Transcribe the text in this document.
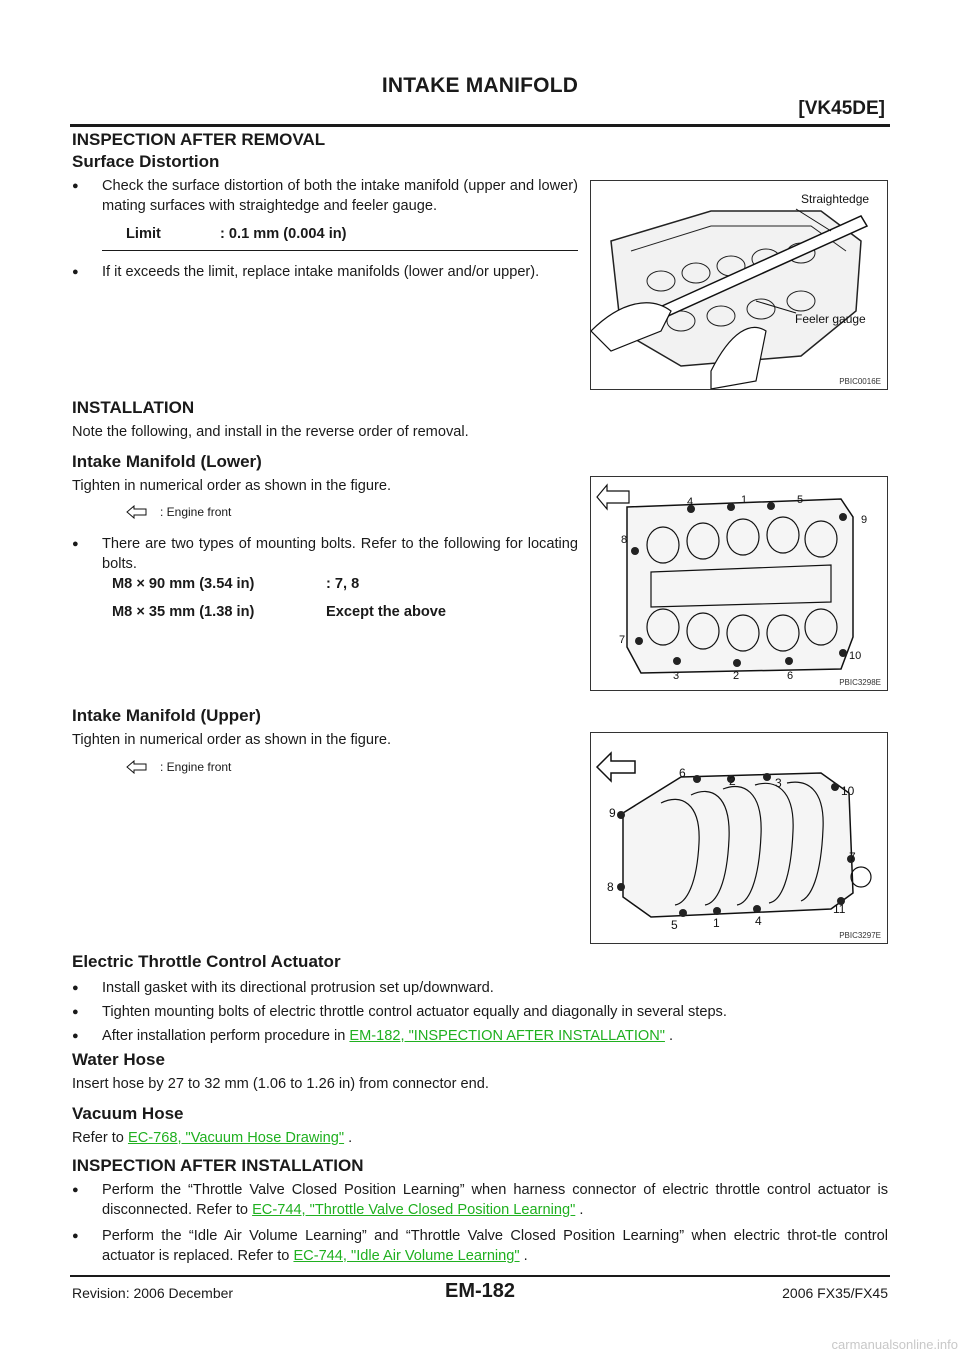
INTAKE MANIFOLD
[VK45DE]
INSPECTION AFTER REMOVAL
Surface Distortion
● Check the surface distortion of both the intake manifold (upper and lower) mating surfaces with straightedge and feeler gauge.
Limit	: 0.1 mm (0.004 in)
● If it exceeds the limit, replace intake manifolds (lower and/or upper).
Straightedge
Feeler gauge
PBIC0016E
INSTALLATION
Note the following, and install in the reverse order of removal.
Intake Manifold (Lower)
Tighten in numerical order as shown in the figure.
: Engine front
● There are two types of mounting bolts. Refer to the following for locating bolts.
M8 × 90 mm (3.54 in)	: 7, 8
M8 × 35 mm (1.38 in)	Except the above
4	1	5
9
8
7
3	2	6
10
PBIC3298E
Intake Manifold (Upper)
Tighten in numerical order as shown in the figure.
: Engine front	6
2	3
10
9
7
8
5	1	4
11
PBIC3297E
Electric Throttle Control Actuator
● Install gasket with its directional protrusion set up/downward.
● Tighten mounting bolts of electric throttle control actuator equally and diagonally in several steps.
● After installation perform procedure in EM-182, "INSPECTION AFTER INSTALLATION" .
Water Hose
Insert hose by 27 to 32 mm (1.06 to 1.26 in) from connector end.
Vacuum Hose
Refer to EC-768, "Vacuum Hose Drawing" .
INSPECTION AFTER INSTALLATION
● Perform the “Throttle Valve Closed Position Learning” when harness connector of electric throttle control actuator is disconnected. Refer to EC-744, "Throttle Valve Closed Position Learning" .
● Perform the “Idle Air Volume Learning” and “Throttle Valve Closed Position Learning” when electric throt-tle control actuator is replaced. Refer to EC-744, "Idle Air Volume Learning" .
Revision: 2006 December	EM-182	2006 FX35/FX45
carmanualsonline.info
